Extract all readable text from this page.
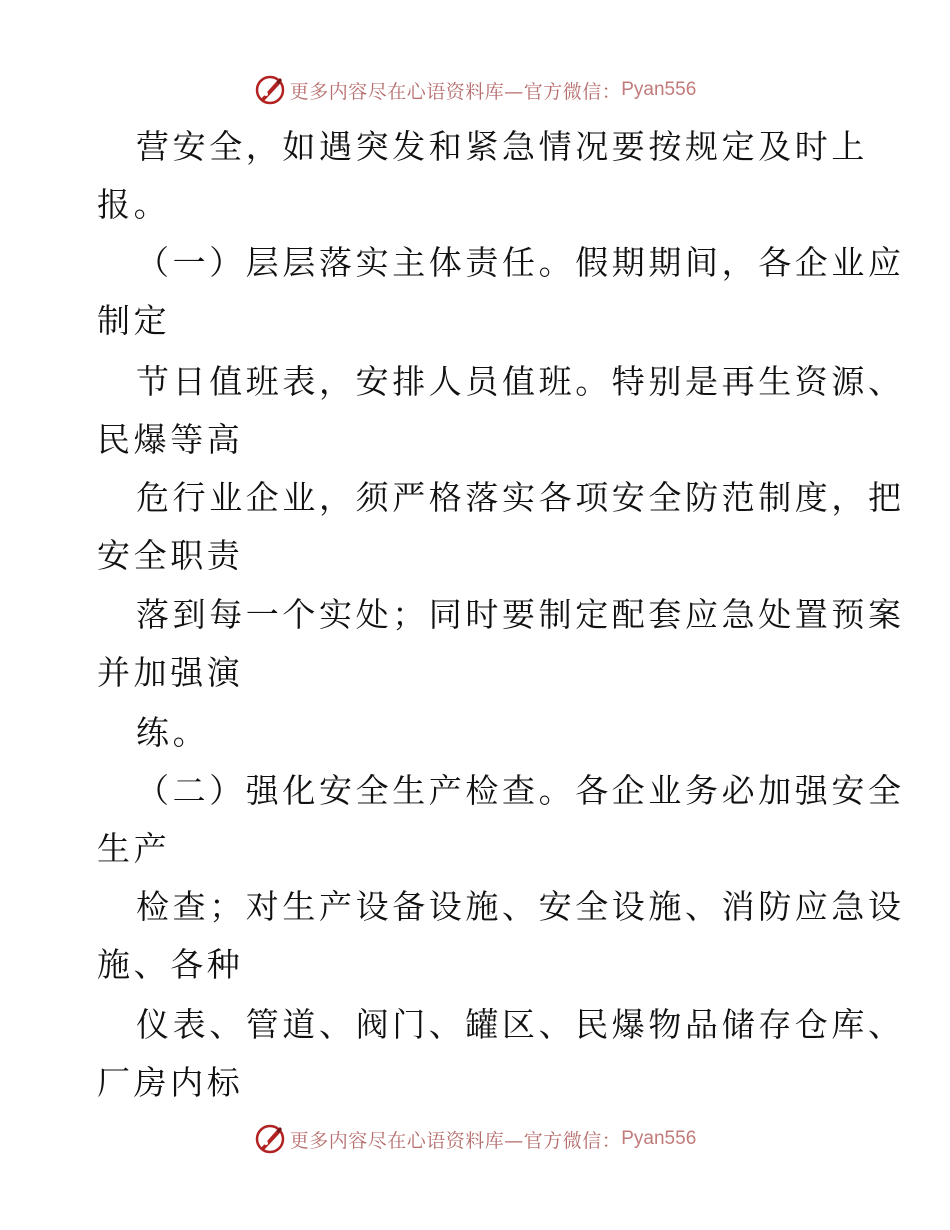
更多内容尽在心语资料库—官方微信： Pyan556
营安全，如遇突发和紧急情况要按规定及时上
报。
（一）层层落实主体责任。假期期间，各企业应
制定
节日值班表，安排人员值班。特别是再生资源、
民爆等高
危行业企业，须严格落实各项安全防范制度，把
安全职责
落到每一个实处；同时要制定配套应急处置预案
并加强演
练。
（二）强化安全生产检查。各企业务必加强安全
生产
检查；对生产设备设施、安全设施、消防应急设
施、各种
仪表、管道、阀门、罐区、民爆物品储存仓库、
厂房内标
更多内容尽在心语资料库—官方微信： Pyan556
